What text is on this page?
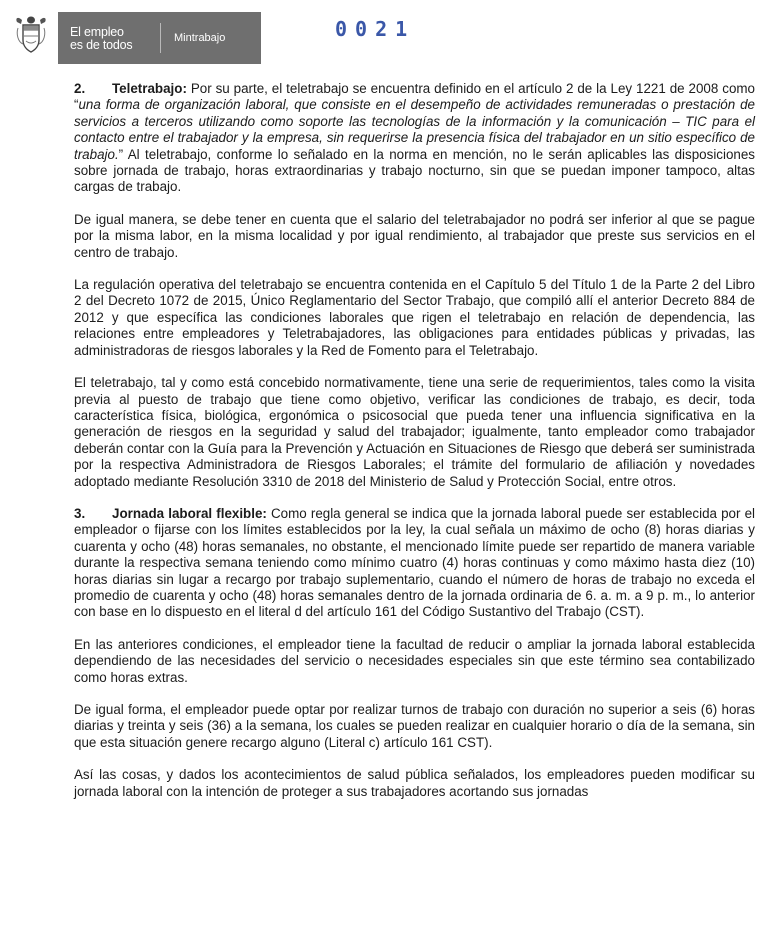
El empleo
es de todos	Mintrabajo	0021

2. Teletrabajo: Por su parte, el teletrabajo se encuentra definido en el artículo 2 de la Ley 1221 de 2008 como “una forma de organización laboral, que consiste en el desempeño de actividades remuneradas o prestación de servicios a terceros utilizando como soporte las tecnologías de la información y la comunicación – TIC para el contacto entre el trabajador y la empresa, sin requerirse la presencia física del trabajador en un sitio específico de trabajo.” Al teletrabajo, conforme lo señalado en la norma en mención, no le serán aplicables las disposiciones sobre jornada de trabajo, horas extraordinarias y trabajo nocturno, sin que se puedan imponer tampoco, altas cargas de trabajo.

De igual manera, se debe tener en cuenta que el salario del teletrabajador no podrá ser inferior al que se pague por la misma labor, en la misma localidad y por igual rendimiento, al trabajador que preste sus servicios en el centro de trabajo.

La regulación operativa del teletrabajo se encuentra contenida en el Capítulo 5 del Título 1 de la Parte 2 del Libro 2 del Decreto 1072 de 2015, Único Reglamentario del Sector Trabajo, que compiló allí el anterior Decreto 884 de 2012 y que específica las condiciones laborales que rigen el teletrabajo en relación de dependencia, las relaciones entre empleadores y Teletrabajadores, las obligaciones para entidades públicas y privadas, las administradoras de riesgos laborales y la Red de Fomento para el Teletrabajo.

El teletrabajo, tal y como está concebido normativamente, tiene una serie de requerimientos, tales como la visita previa al puesto de trabajo que tiene como objetivo, verificar las condiciones de trabajo, es decir, toda característica física, biológica, ergonómica o psicosocial que pueda tener una influencia significativa en la generación de riesgos en la seguridad y salud del trabajador; igualmente, tanto empleador como trabajador deberán contar con la Guía para la Prevención y Actuación en Situaciones de Riesgo que deberá ser suministrada por la respectiva Administradora de Riesgos Laborales; el trámite del formulario de afiliación y novedades adoptado mediante Resolución 3310 de 2018 del Ministerio de Salud y Protección Social, entre otros.

3. Jornada laboral flexible: Como regla general se indica que la jornada laboral puede ser establecida por el empleador o fijarse con los límites establecidos por la ley, la cual señala un máximo de ocho (8) horas diarias y cuarenta y ocho (48) horas semanales, no obstante, el mencionado límite puede ser repartido de manera variable durante la respectiva semana teniendo como mínimo cuatro (4) horas continuas y como máximo hasta diez (10) horas diarias sin lugar a recargo por trabajo suplementario, cuando el número de horas de trabajo no exceda el promedio de cuarenta y ocho (48) horas semanales dentro de la jornada ordinaria de 6. a. m. a 9 p. m., lo anterior con base en lo dispuesto en el literal d del artículo 161 del Código Sustantivo del Trabajo (CST).

En las anteriores condiciones, el empleador tiene la facultad de reducir o ampliar la jornada laboral establecida dependiendo de las necesidades del servicio o necesidades especiales sin que este término sea contabilizado como horas extras.

De igual forma, el empleador puede optar por realizar turnos de trabajo con duración no superior a seis (6) horas diarias y treinta y seis (36) a la semana, los cuales se pueden realizar en cualquier horario o día de la semana, sin que esta situación genere recargo alguno (Literal c) artículo 161 CST).

Así las cosas, y dados los acontecimientos de salud pública señalados, los empleadores pueden modificar su jornada laboral con la intención de proteger a sus trabajadores acortando sus jornadas
